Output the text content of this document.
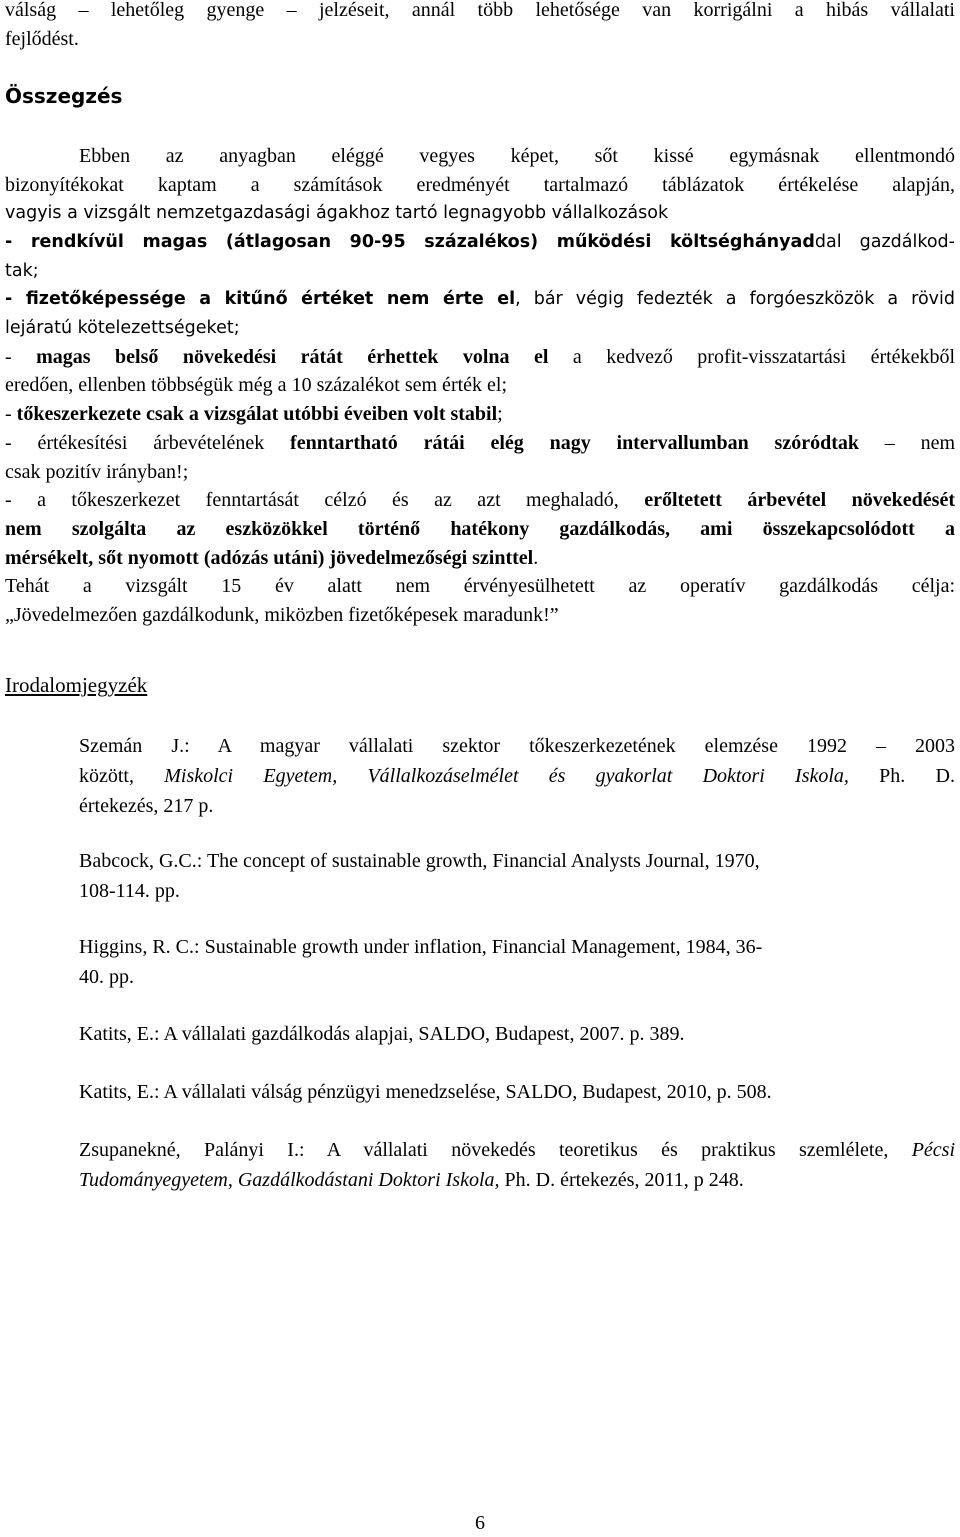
válság – lehetőleg gyenge – jelzéseit, annál több lehetősége van korrigálni a hibás vállalati
fejlődést.
Összegzés
Ebben az anyagban eléggé vegyes képet, sőt kissé egymásnak ellentmondó
bizonyítékokat kaptam a számítások eredményét tartalmazó táblázatok értékelése alapján,
vagyis a vizsgált nemzetgazdasági ágakhoz tartó legnagyobb vállalkozások
- rendkívül magas (átlagosan 90-95 százalékos) működési költséghányaddal gazdálkod-
tak;
- fizetőképessége a kitűnő értéket nem érte el, bár végig fedezték a forgóeszközök a rövid
lejáratú kötelezettségeket;
- magas belső növekedési rátát érhettek volna el a kedvező profit-visszatartási értékekből
eredően, ellenben többségük még a 10 százalékot sem érték el;
- tőkeszerkezete csak a vizsgálat utóbbi éveiben volt stabil;
- értékesítési árbevételének fenntartható rátái elég nagy intervallumban szóródtak – nem
csak pozitív irányban!;
- a tőkeszerkezet fenntartását célzó és az azt meghaladó, erőltetett árbevétel növekedését
nem szolgálta az eszközökkel történő hatékony gazdálkodás, ami összekapcsolódott a
mérsékelt, sőt nyomott (adózás utáni) jövedelmezőségi szinttel.
Tehát a vizsgált 15 év alatt nem érvényesülhetett az operatív gazdálkodás célja:
„Jövedelmezően gazdálkodunk, miközben fizetőképesek maradunk!”
Irodalomjegyzék
Szemán J.: A magyar vállalati szektor tőkeszerkezetének elemzése 1992 – 2003
között, Miskolci Egyetem, Vállalkozáselmélet és gyakorlat Doktori Iskola, Ph. D.
értekezés, 217 p.
Babcock, G.C.: The concept of sustainable growth, Financial Analysts Journal, 1970,
108-114. pp.
Higgins, R. C.: Sustainable growth under inflation, Financial Management, 1984, 36-
40. pp.
Katits, E.: A vállalati gazdálkodás alapjai, SALDO, Budapest, 2007. p. 389.
Katits, E.: A vállalati válság pénzügyi menedzselése, SALDO, Budapest, 2010, p. 508.
Zsupanekné, Palányi I.: A vállalati növekedés teoretikus és praktikus szemlélete, Pécsi
Tudományegyetem, Gazdálkodástani Doktori Iskola, Ph. D. értekezés, 2011, p 248.
6
